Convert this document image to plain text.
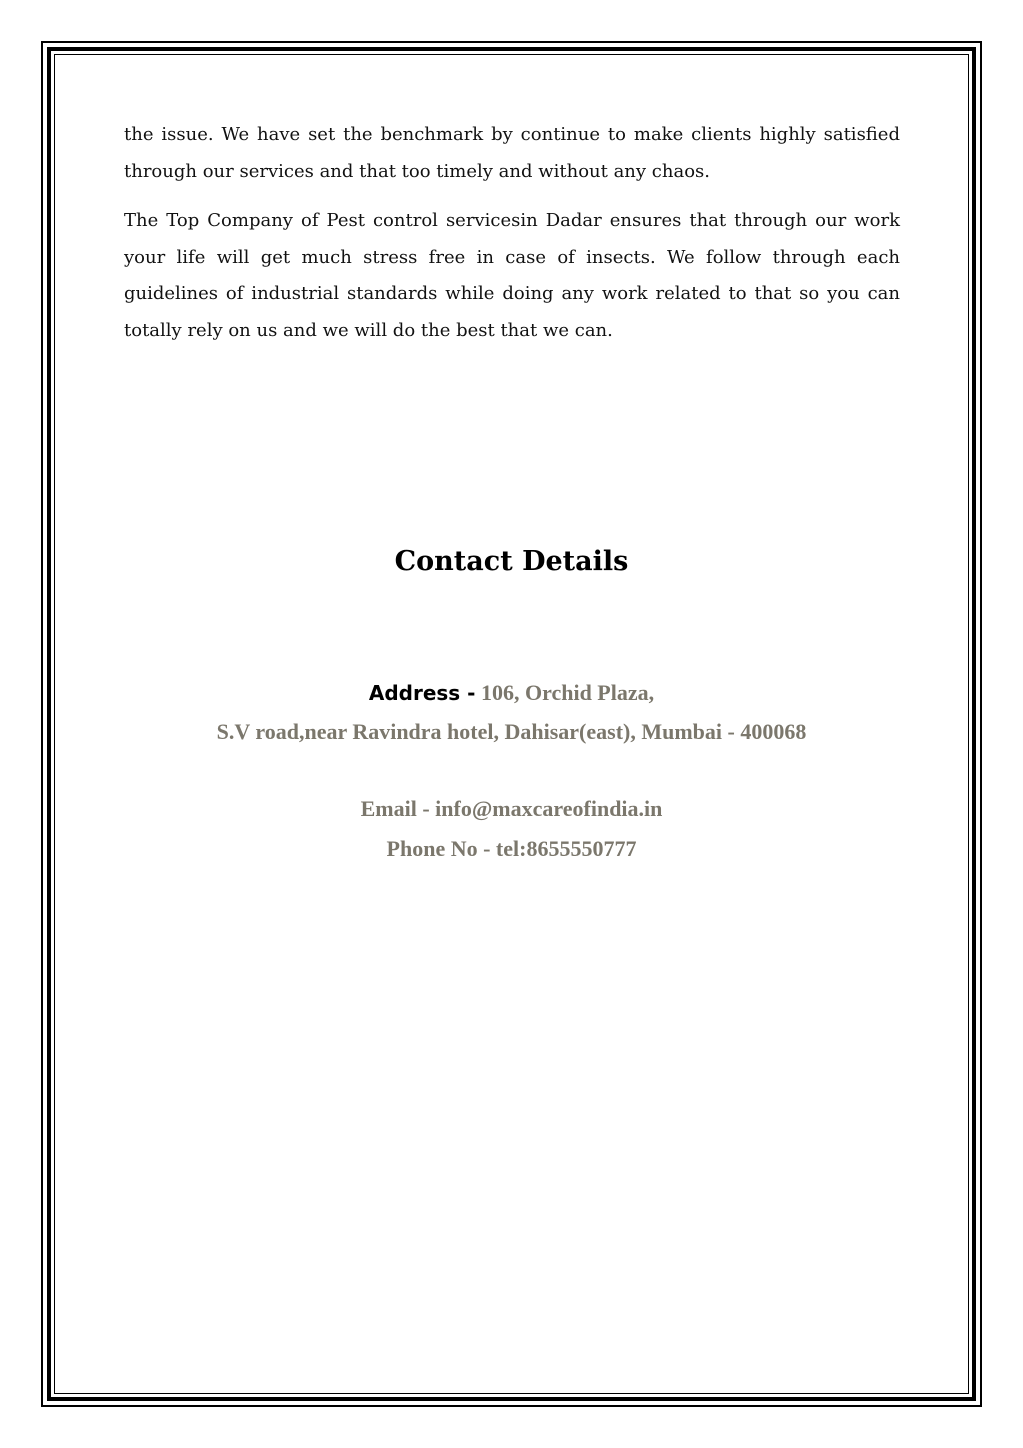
the issue. We have set the benchmark by continue to make clients highly satisfied through our services and that too timely and without any chaos.

The Top Company of Pest control servicesin Dadar ensures that through our work your life will get much stress free in case of insects. We follow through each guidelines of industrial standards while doing any work related to that so you can totally rely on us and we will do the best that we can.

Contact Details

Address - 106, Orchid Plaza,

S.V road,near Ravindra hotel, Dahisar(east), Mumbai - 400068

Email - info@maxcareofindia.in

Phone No - tel:8655550777
